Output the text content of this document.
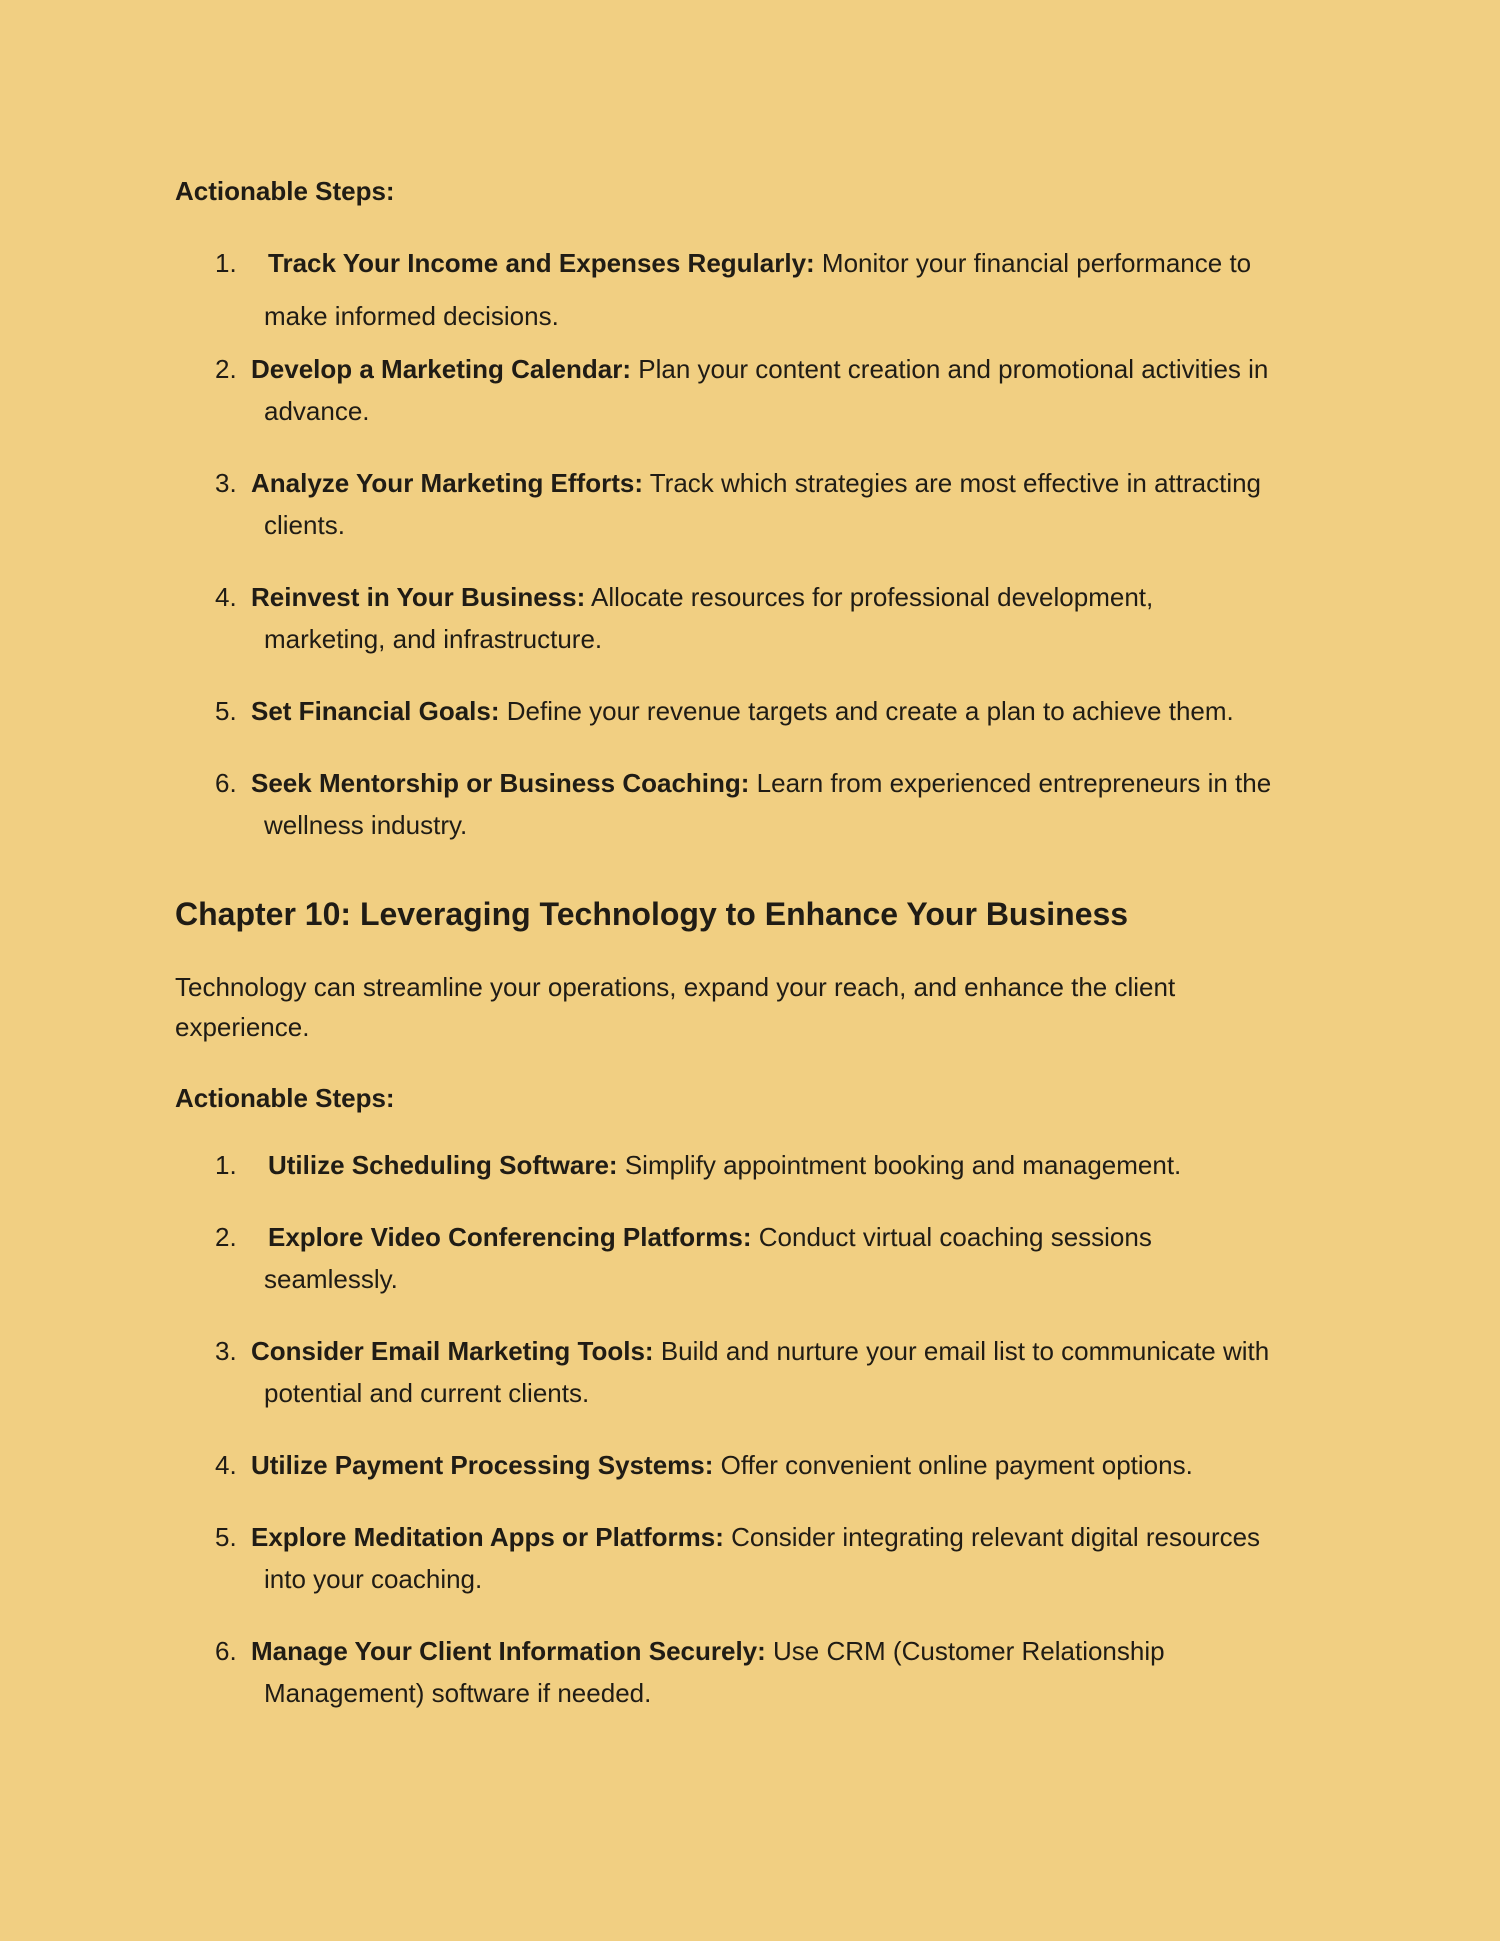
Actionable Steps:
1. Track Your Income and Expenses Regularly: Monitor your financial performance to
make informed decisions.
2. Develop a Marketing Calendar: Plan your content creation and promotional activities in
advance.
3. Analyze Your Marketing Efforts: Track which strategies are most effective in attracting
clients.
4. Reinvest in Your Business: Allocate resources for professional development,
marketing, and infrastructure.
5. Set Financial Goals: Define your revenue targets and create a plan to achieve them.
6. Seek Mentorship or Business Coaching: Learn from experienced entrepreneurs in the
wellness industry.
Chapter 10: Leveraging Technology to Enhance Your Business
Technology can streamline your operations, expand your reach, and enhance the client
experience.
Actionable Steps:
1. Utilize Scheduling Software: Simplify appointment booking and management.
2. Explore Video Conferencing Platforms: Conduct virtual coaching sessions
seamlessly.
3. Consider Email Marketing Tools: Build and nurture your email list to communicate with
potential and current clients.
4. Utilize Payment Processing Systems: Offer convenient online payment options.
5. Explore Meditation Apps or Platforms: Consider integrating relevant digital resources
into your coaching.
6. Manage Your Client Information Securely: Use CRM (Customer Relationship
Management) software if needed.
